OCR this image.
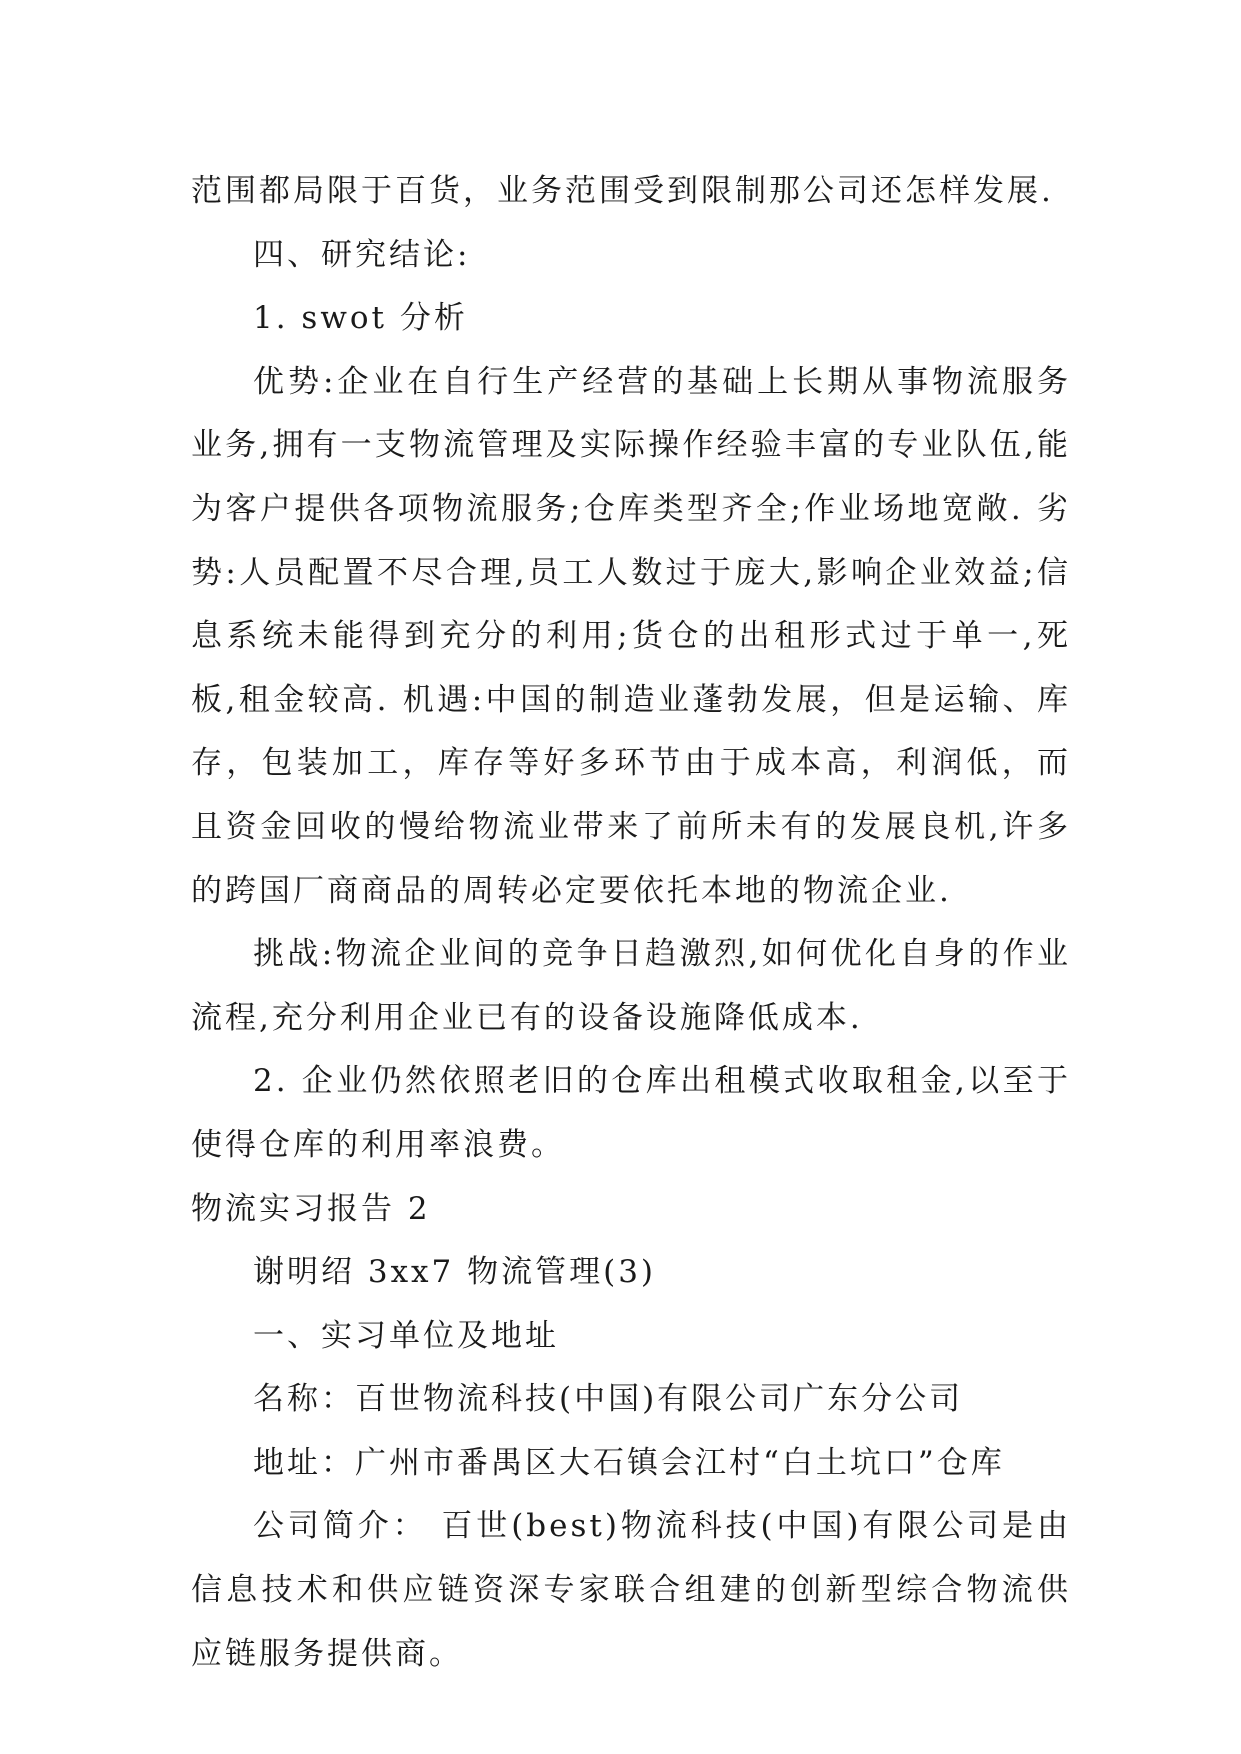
范围都局限于百货，业务范围受到限制那公司还怎样发展.

四、研究结论:

1. swot 分析

优势:企业在自行生产经营的基础上长期从事物流服务业务,拥有一支物流管理及实际操作经验丰富的专业队伍,能为客户提供各项物流服务;仓库类型齐全;作业场地宽敞. 劣势:人员配置不尽合理,员工人数过于庞大,影响企业效益;信息系统未能得到充分的利用;货仓的出租形式过于单一,死板,租金较高. 机遇:中国的制造业蓬勃发展，但是运输、库存，包装加工，库存等好多环节由于成本高，利润低，而且资金回收的慢给物流业带来了前所未有的发展良机,许多的跨国厂商商品的周转必定要依托本地的物流企业.

挑战:物流企业间的竞争日趋激烈,如何优化自身的作业流程,充分利用企业已有的设备设施降低成本.

2. 企业仍然依照老旧的仓库出租模式收取租金,以至于使得仓库的利用率浪费。

物流实习报告 2

谢明绍 3xx7 物流管理(3)

一、实习单位及地址

名称：百世物流科技(中国)有限公司广东分公司

地址：广州市番禺区大石镇会江村“白土坑口”仓库

公司简介： 百世(best)物流科技(中国)有限公司是由信息技术和供应链资深专家联合组建的创新型综合物流供应链服务提供商。
